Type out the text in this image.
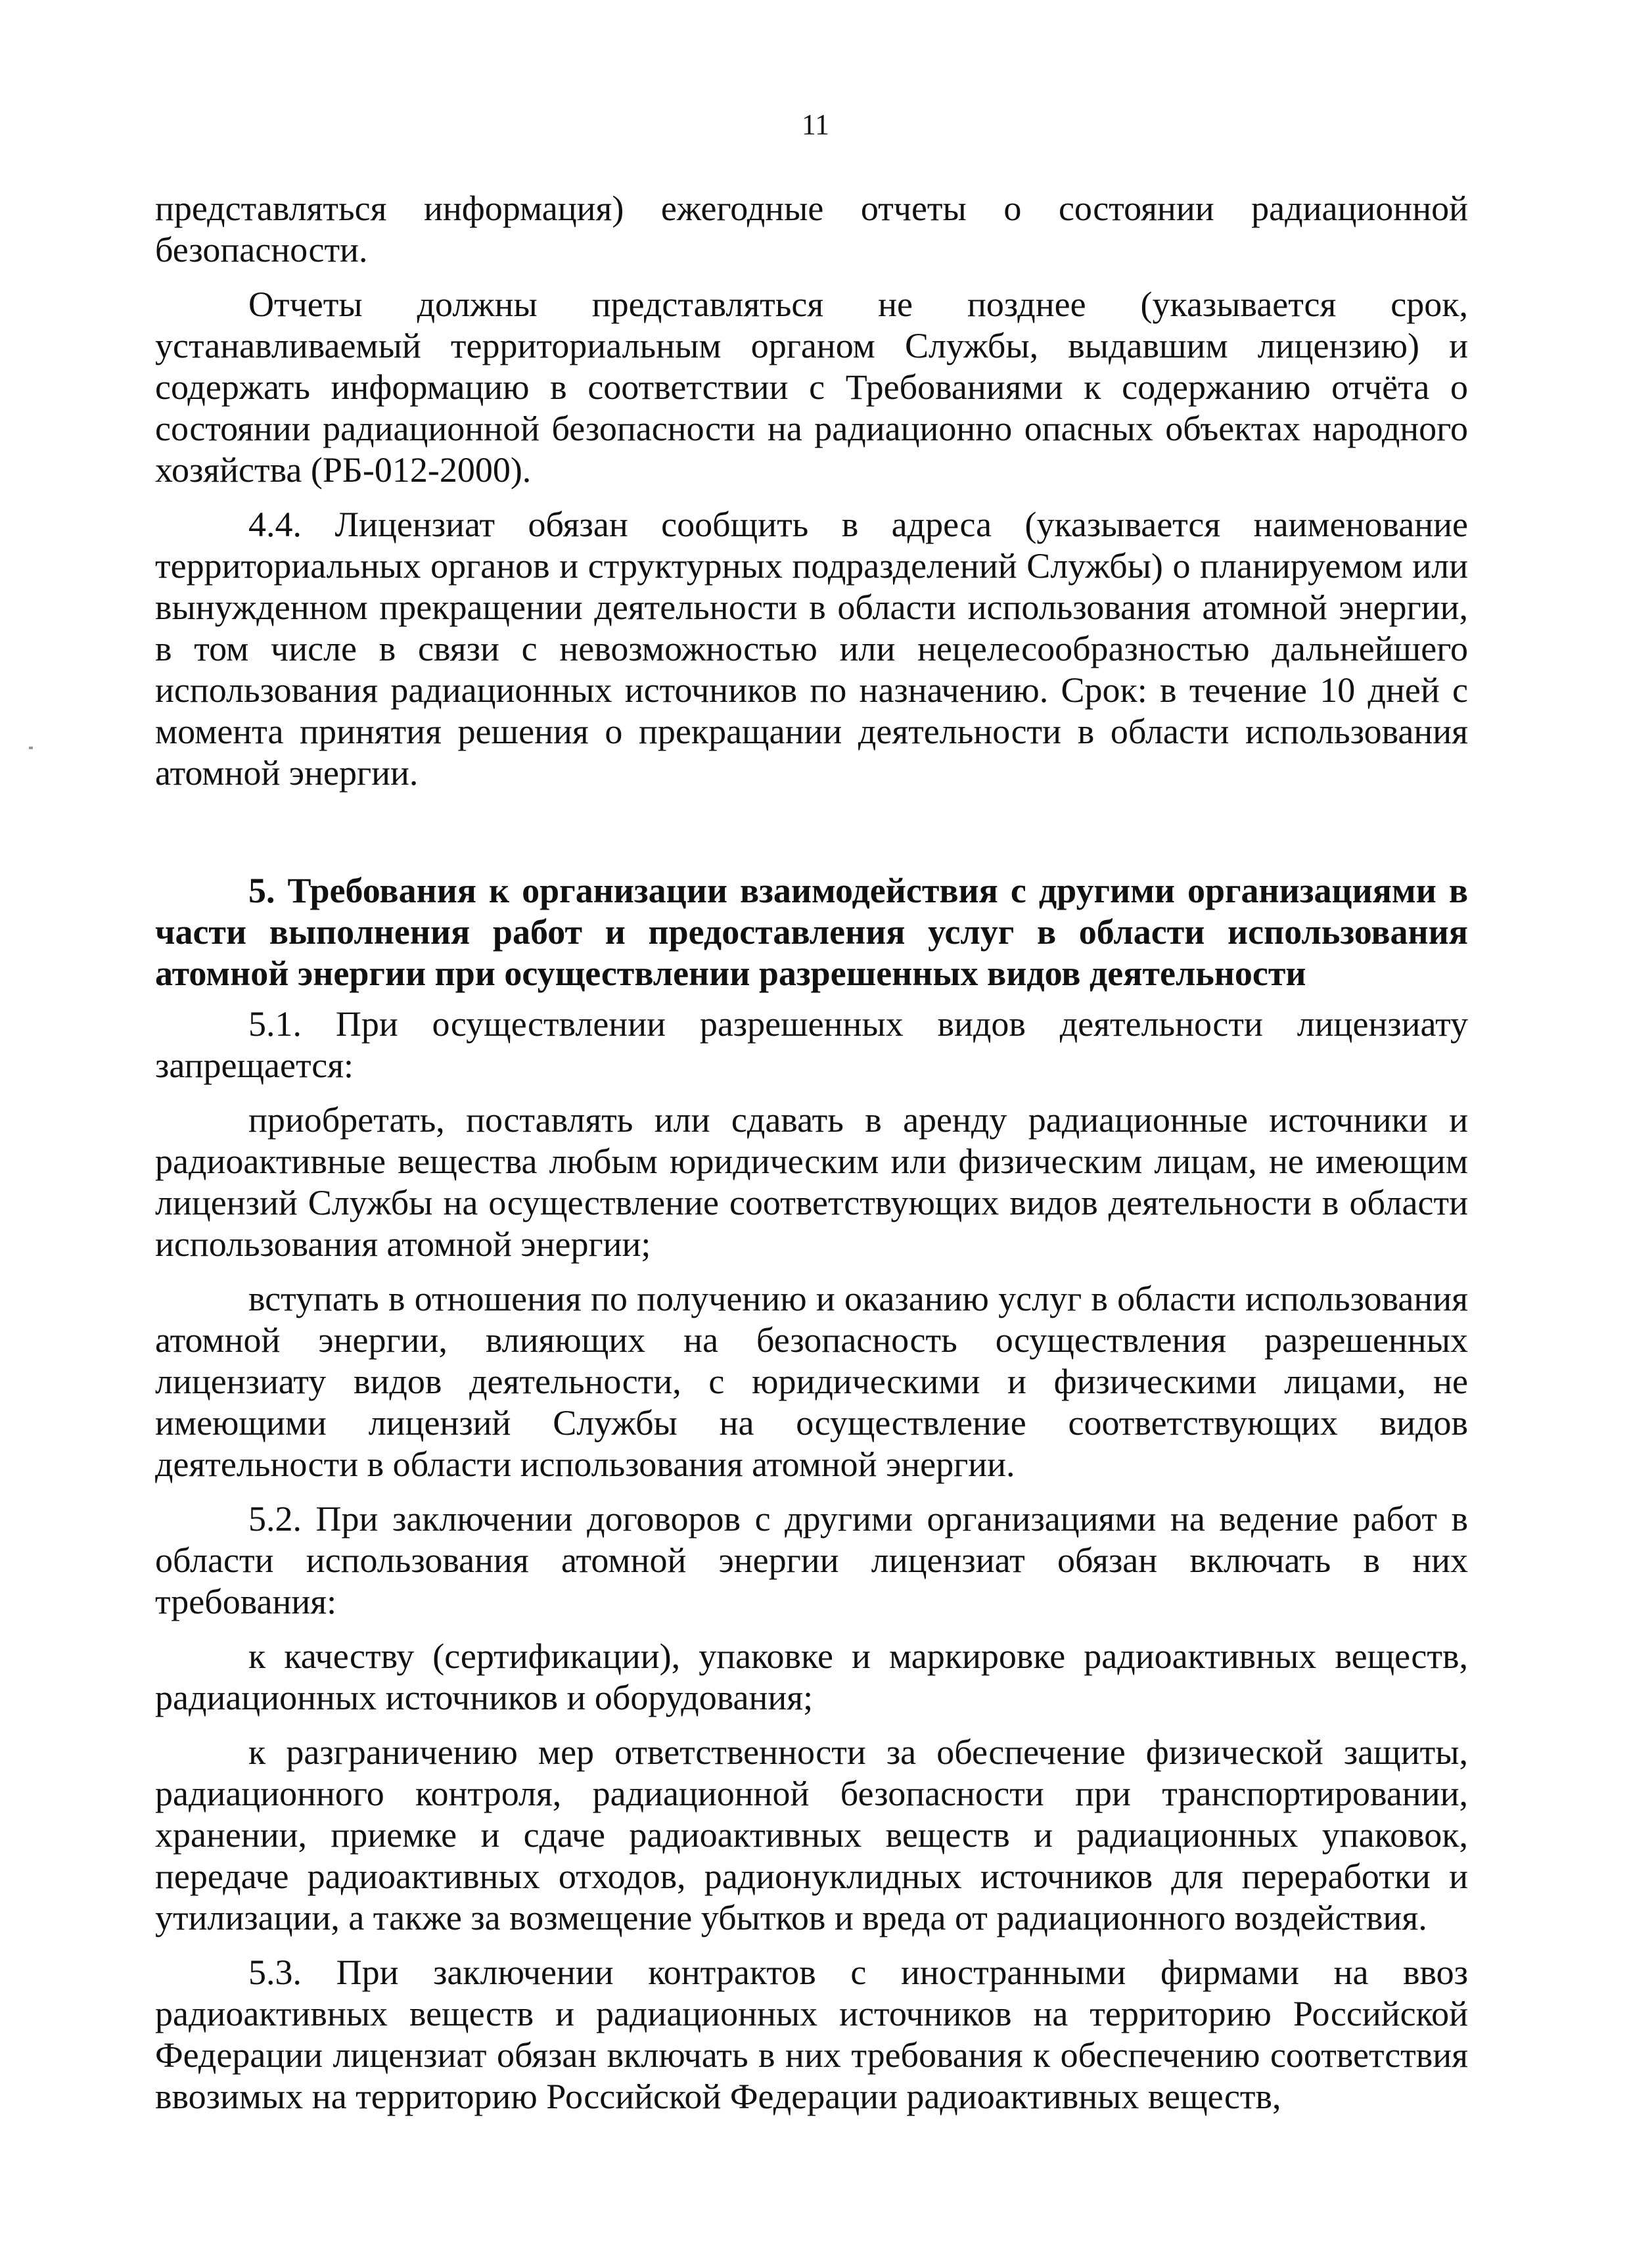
11

представляться информация) ежегодные отчеты о состоянии радиационной безопасности.

Отчеты должны представляться не позднее (указывается срок, устанавливаемый территориальным органом Службы, выдавшим лицензию) и содержать информацию в соответствии с Требованиями к содержанию отчёта о состоянии радиационной безопасности на радиационно опасных объектах народного хозяйства (РБ-012-2000).

4.4. Лицензиат обязан сообщить в адреса (указывается наименование территориальных органов и структурных подразделений Службы) о планируемом или вынужденном прекращении деятельности в области использования атомной энергии, в том числе в связи с невозможностью или нецелесообразностью дальнейшего использования радиационных источников по назначению. Срок: в течение 10 дней с момента принятия решения о прекращании деятельности в области использования атомной энергии.

5. Требования к организации взаимодействия с другими организациями в части выполнения работ и предоставления услуг в области использования атомной энергии при осуществлении разрешенных видов деятельности

5.1. При осуществлении разрешенных видов деятельности лицензиату запрещается:

приобретать, поставлять или сдавать в аренду радиационные источники и радиоактивные вещества любым юридическим или физическим лицам, не имеющим лицензий Службы на осуществление соответствующих видов деятельности в области использования атомной энергии;

вступать в отношения по получению и оказанию услуг в области использования атомной энергии, влияющих на безопасность осуществления разрешенных лицензиату видов деятельности, с юридическими и физическими лицами, не имеющими лицензий Службы на осуществление соответствующих видов деятельности в области использования атомной энергии.

5.2. При заключении договоров с другими организациями на ведение работ в области использования атомной энергии лицензиат обязан включать в них требования:

к качеству (сертификации), упаковке и маркировке радиоактивных веществ, радиационных источников и оборудования;

к разграничению мер ответственности за обеспечение физической защиты, радиационного контроля, радиационной безопасности при транспортировании, хранении, приемке и сдаче радиоактивных веществ и радиационных упаковок, передаче радиоактивных отходов, радионуклидных источников для переработки и утилизации, а также за возмещение убытков и вреда от радиационного воздействия.

5.3. При заключении контрактов с иностранными фирмами на ввоз радиоактивных веществ и радиационных источников на территорию Российской Федерации лицензиат обязан включать в них требования к обеспечению соответствия ввозимых на территорию Российской Федерации радиоактивных веществ,
